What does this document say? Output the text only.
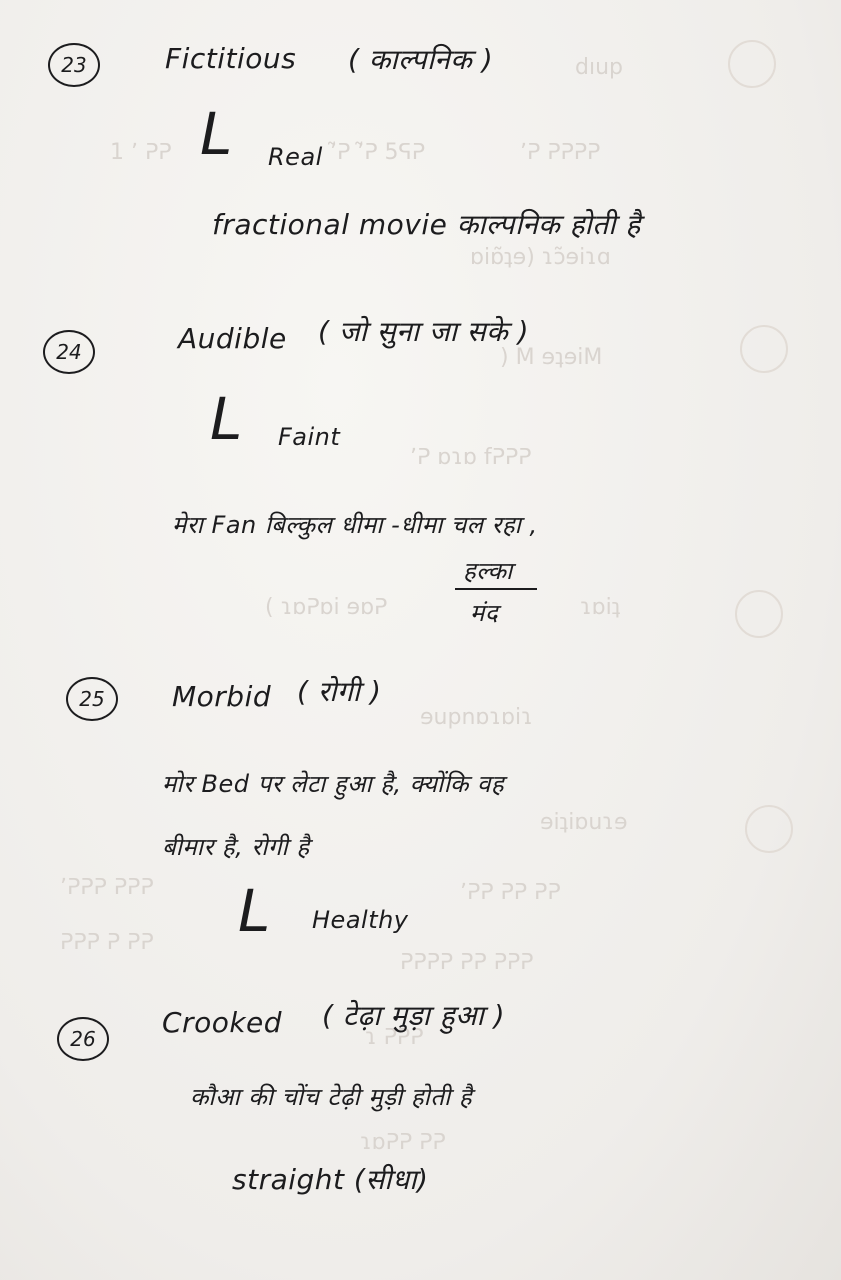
dıup
ʼ̃ᕈ ʼ̃ᕈ 5ᕋᕈ	ʼᕈ ᕈᕈᕈᕈ
1 ʼ ᕈᕈ
ɒiɒ̃ʇɘ) ɿɔ̃ɘiɿɑ
) M ɘʇɘiM
ʼᕈ ɒɿɒ fᕈᕈᕈ
( ɿɒᕈɒi ɘɒᕈ	ɿɒiʇ
ɘupnɒɿɒiɿ
ɘiʇiɒuɿɘ
ʼᕈᕈᕈ ᕈᕈᕈ	ʼᕈᕈ ᕈᕈ ᕈᕈ
ᕈᕈᕈ ᕈ ᕈᕈ
ᕈᕈᕈᕈ ᕈᕈ ᕈᕈᕈ
ɿ ᕈᕈᕈ
ɿɒᕈᕈ ᕈᕈ
23	Fictitious ( काल्पनिक )
L Real
fractional movie काल्पनिक होती है
24	Audible ( जो सुना जा सके )
L Faint
मेरा Fan बिल्कुल धीमा -धीमा चल रहा ,
हल्का
मंद
25	Morbid ( रोगी )
मोर Bed पर लेटा हुआ है, क्योंकि वह
बीमार है, रोगी है
L Healthy
26	Crooked ( टेढ़ा मुड़ा हुआ )
कौआ की चोंच टेढ़ी मुड़ी होती है
straight (सीधा)
